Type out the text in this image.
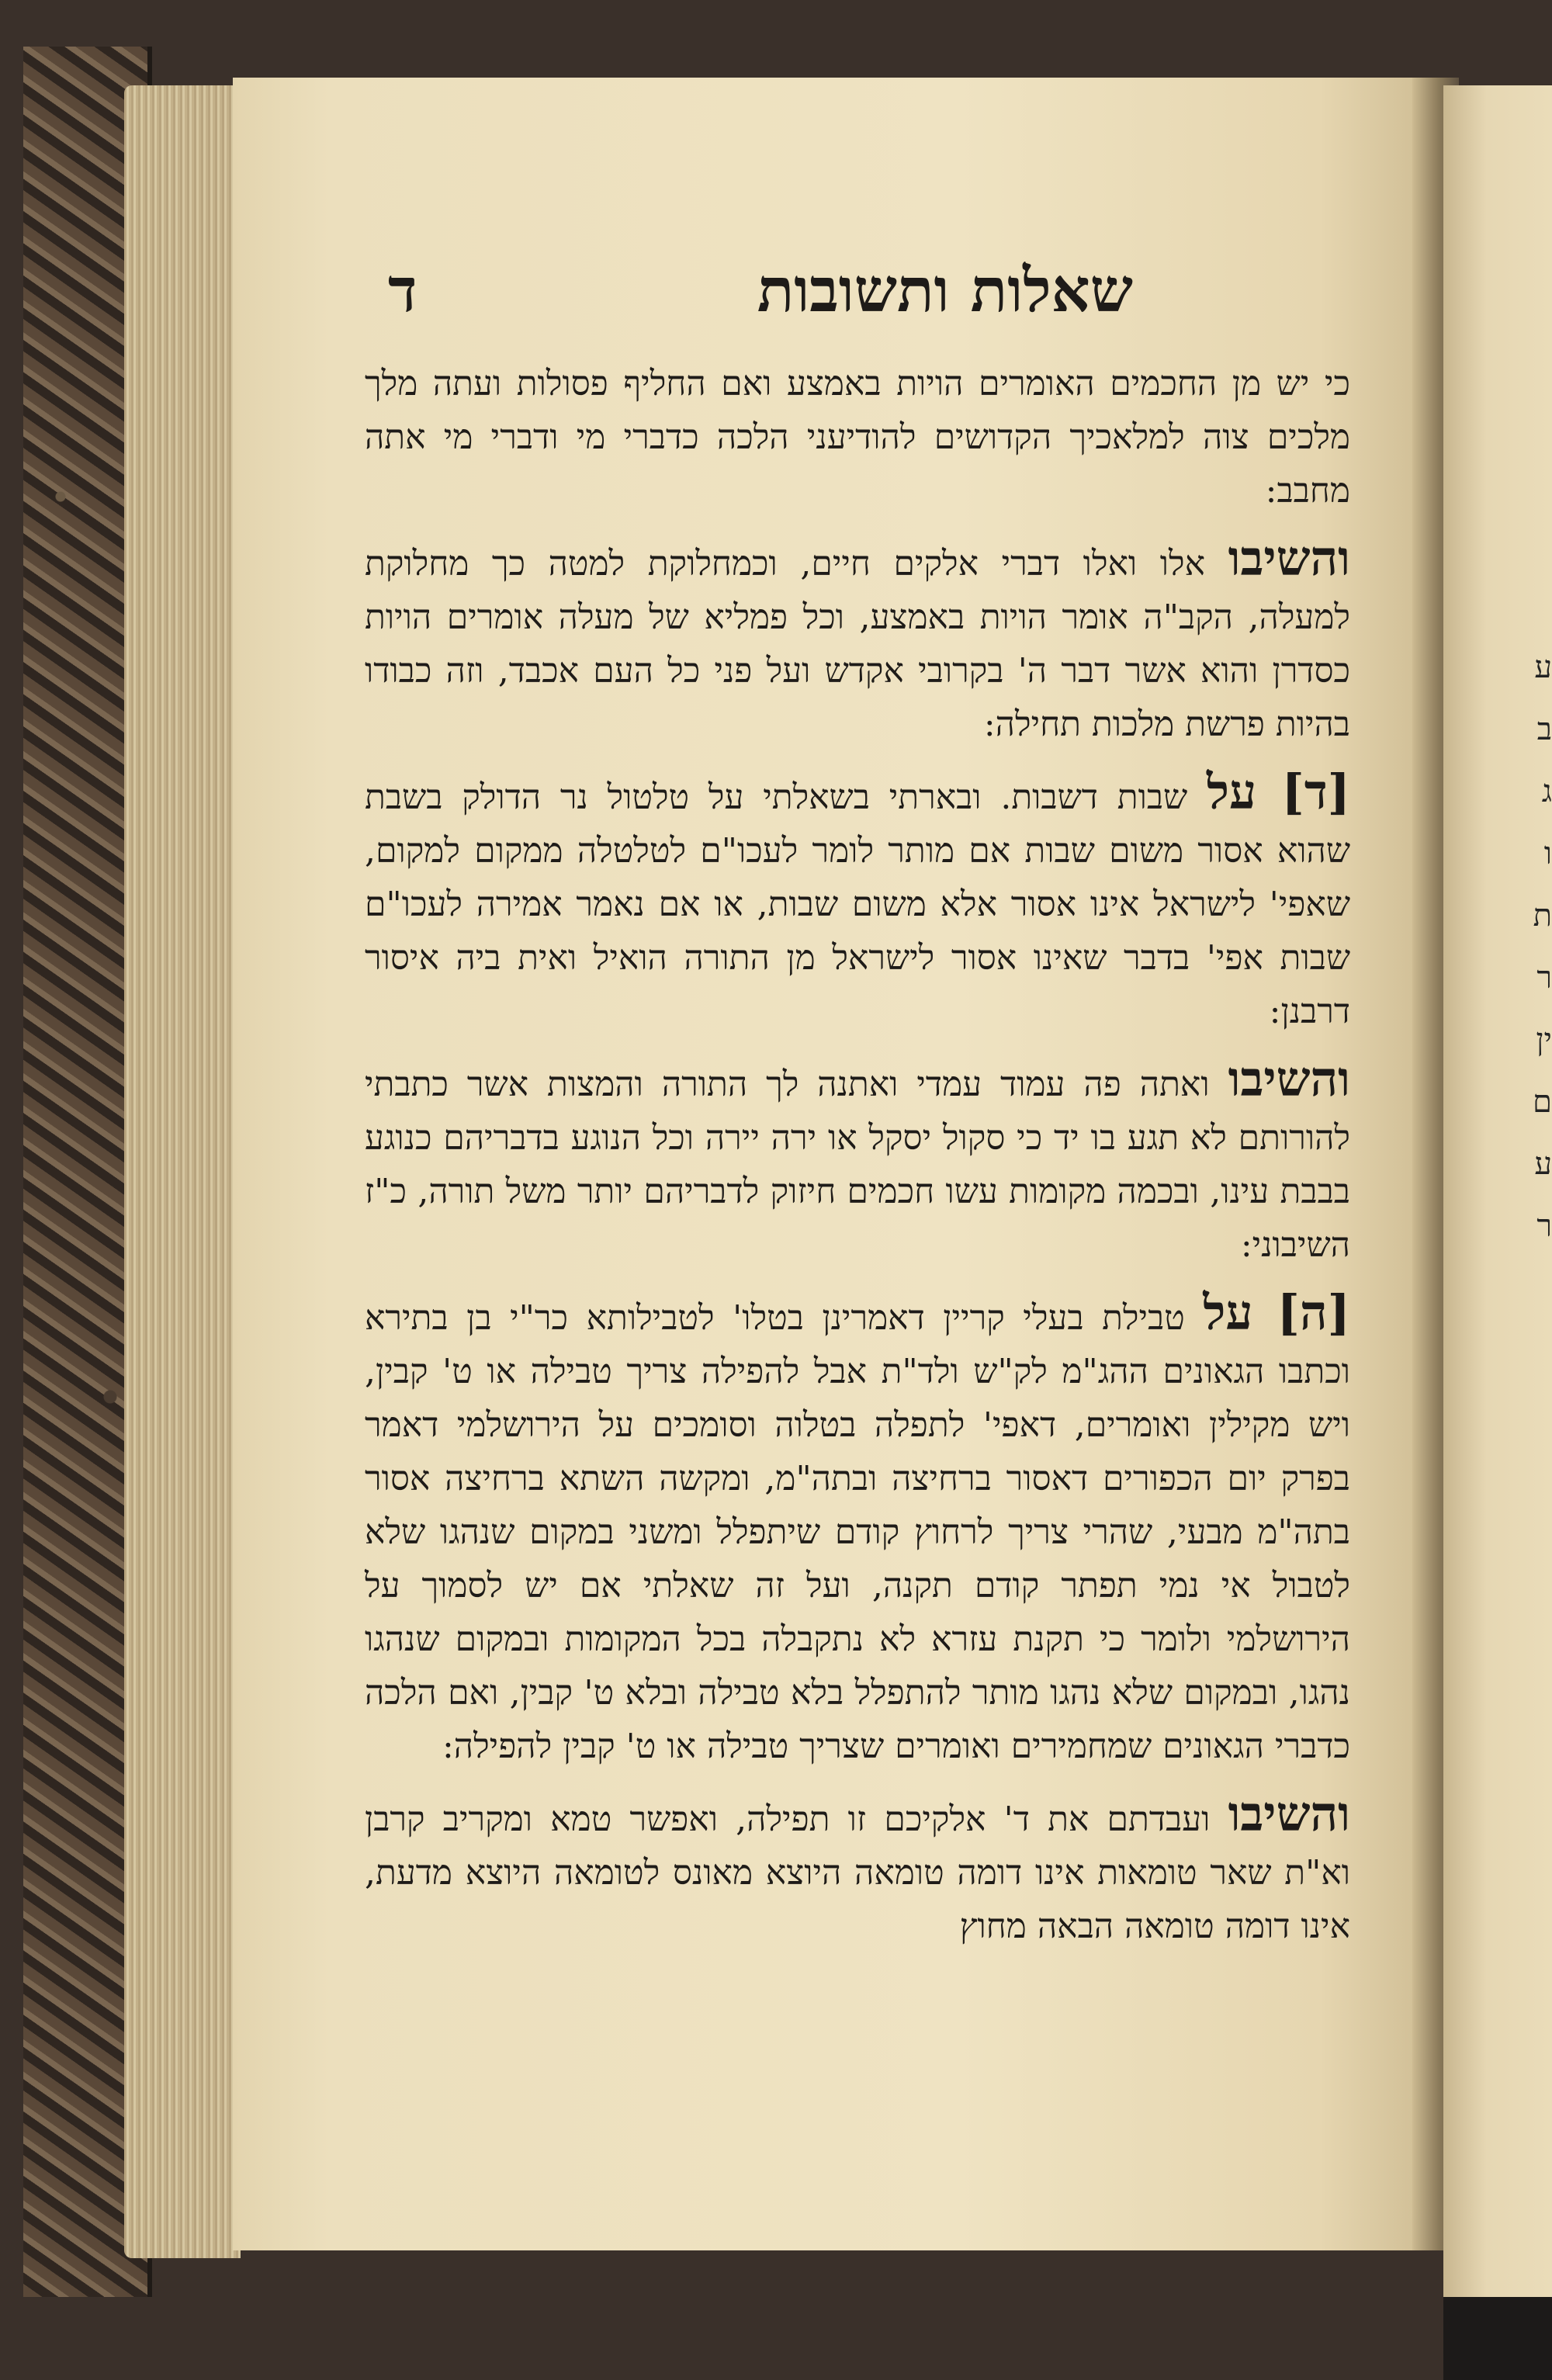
ע
ב
ג
ו
ת
ר
ין
ם
ע
ר
שאלות ותשובות
ד

כי יש מן החכמים האומרים הויות באמצע ואם החליף פסולות ועתה מלך מלכים צוה למלאכיך הקדושים להודיעני הלכה כדברי מי ודברי מי אתה מחבב:

והשיבו אלו ואלו דברי אלקים חיים, וכמחלוקת למטה כך מחלוקת למעלה, הקב"ה אומר הויות באמצע, וכל פמליא של מעלה אומרים הויות כסדרן והוא אשר דבר ה' בקרובי אקדש ועל פני כל העם אכבד, וזה כבודו בהיות פרשת מלכות תחילה:

[ד] על שבות דשבות. ובארתי בשאלתי על טלטול נר הדולק בשבת שהוא אסור משום שבות אם מותר לומר לעכו"ם לטלטלה ממקום למקום, שאפי' לישראל אינו אסור אלא משום שבות, או אם נאמר אמירה לעכו"ם שבות אפי' בדבר שאינו אסור לישראל מן התורה הואיל ואית ביה איסור דרבנן:

והשיבו ואתה פה עמוד עמדי ואתנה לך התורה והמצות אשר כתבתי להורותם לא תגע בו יד כי סקול יסקל או ירה יירה וכל הנוגע בדבריהם כנוגע בבבת עינו, ובכמה מקומות עשו חכמים חיזוק לדבריהם יותר משל תורה, כ"ז השיבוני:

[ה] על טבילת בעלי קריין דאמרינן בטלו' לטבילותא כר"י בן בתירא וכתבו הגאונים ההג"מ לק"ש ולד"ת אבל להפילה צריך טבילה או ט' קבין, ויש מקילין ואומרים, דאפי' לתפלה בטלוה וסומכים על הירושלמי דאמר בפרק יום הכפורים דאסור ברחיצה ובתה"מ, ומקשה השתא ברחיצה אסור בתה"מ מבעי, שהרי צריך לרחוץ קודם שיתפלל ומשני במקום שנהגו שלא לטבול אי נמי תפתר קודם תקנה, ועל זה שאלתי אם יש לסמוך על הירושלמי ולומר כי תקנת עזרא לא נתקבלה בכל המקומות ובמקום שנהגו נהגו, ובמקום שלא נהגו מותר להתפלל בלא טבילה ובלא ט' קבין, ואם הלכה כדברי הגאונים שמחמירים ואומרים שצריך טבילה או ט' קבין להפילה:

והשיבו ועבדתם את ד' אלקיכם זו תפילה, ואפשר טמא ומקריב קרבן וא"ת שאר טומאות אינו דומה טומאה היוצא מאונס לטומאה היוצא מדעת, אינו דומה טומאה הבאה מחוץ
